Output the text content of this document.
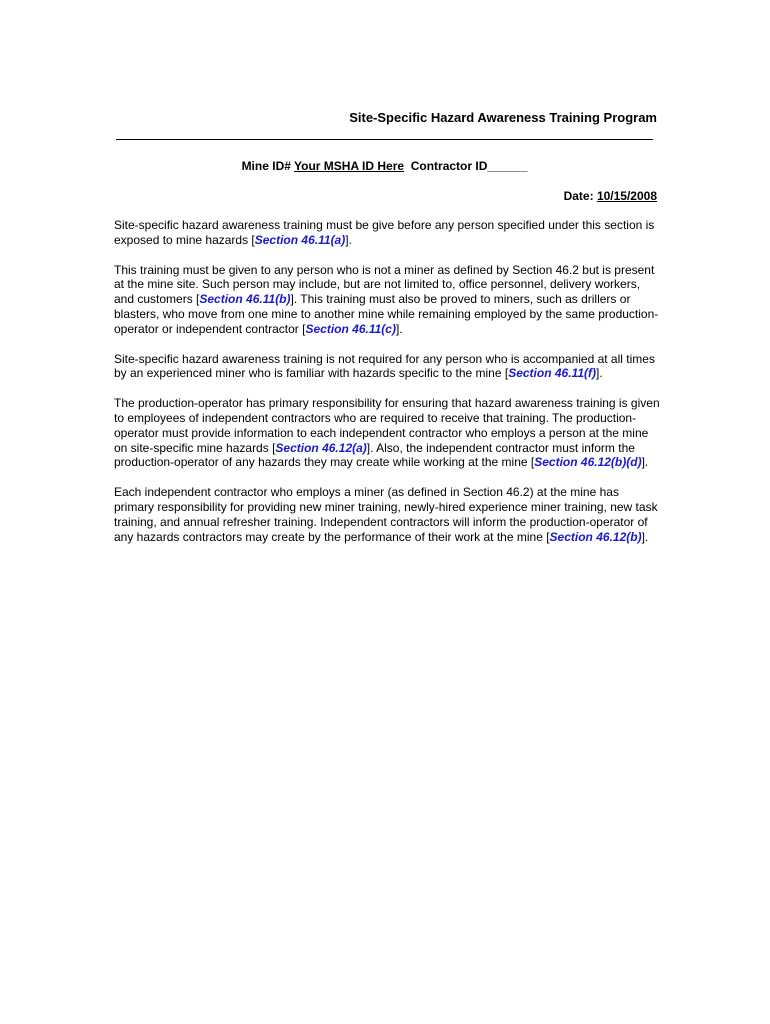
Site-Specific Hazard Awareness Training Program
Mine ID# Your MSHA ID Here Contractor ID______
Date: 10/15/2008

Site-specific hazard awareness training must be give before any person specified under this section is exposed to mine hazards [Section 46.11(a)].

This training must be given to any person who is not a miner as defined by Section 46.2 but is present at the mine site. Such person may include, but are not limited to, office personnel, delivery workers, and customers [Section 46.11(b)]. This training must also be proved to miners, such as drillers or blasters, who move from one mine to another mine while remaining employed by the same production-operator or independent contractor [Section 46.11(c)].

Site-specific hazard awareness training is not required for any person who is accompanied at all times by an experienced miner who is familiar with hazards specific to the mine [Section 46.11(f)].

The production-operator has primary responsibility for ensuring that hazard awareness training is given to employees of independent contractors who are required to receive that training. The production-operator must provide information to each independent contractor who employs a person at the mine on site-specific mine hazards [Section 46.12(a)]. Also, the independent contractor must inform the production-operator of any hazards they may create while working at the mine [Section 46.12(b)(d)].

Each independent contractor who employs a miner (as defined in Section 46.2) at the mine has primary responsibility for providing new miner training, newly-hired experience miner training, new task training, and annual refresher training. Independent contractors will inform the production-operator of any hazards contractors may create by the performance of their work at the mine [Section 46.12(b)].
